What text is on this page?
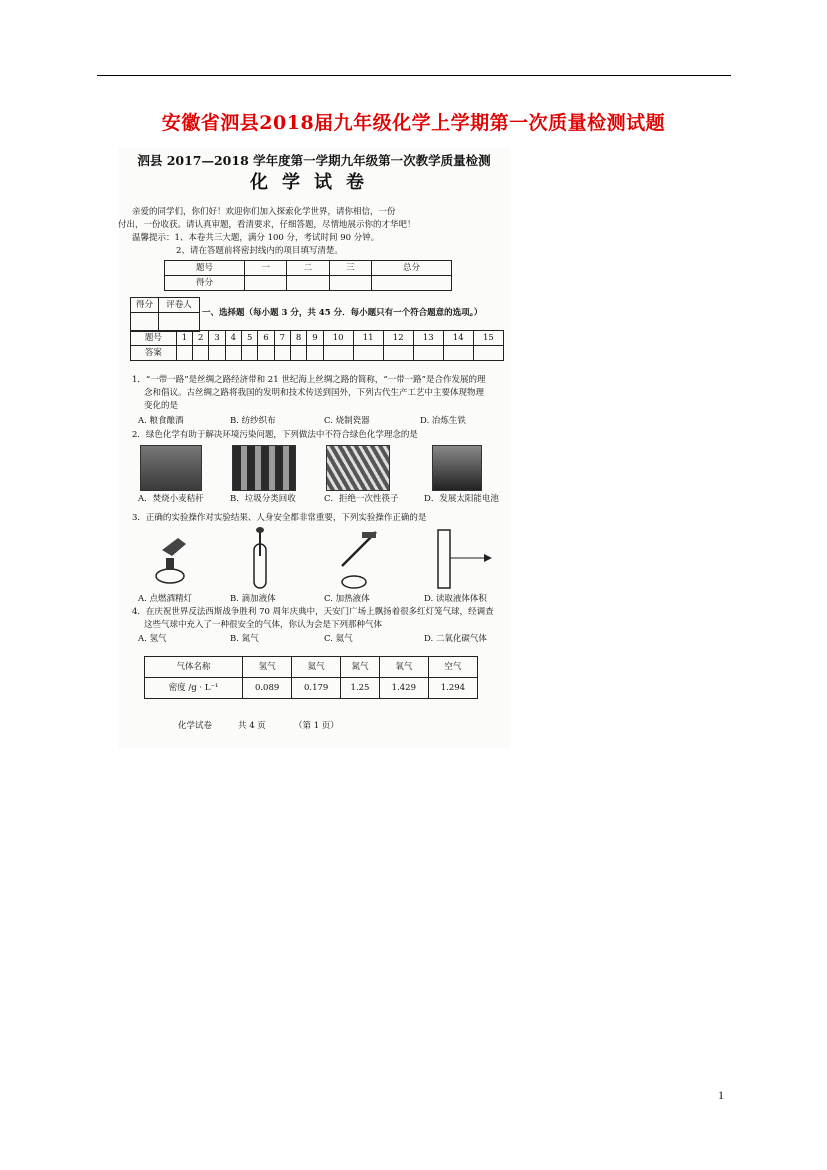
安徽省泗县2018届九年级化学上学期第一次质量检测试题
泗县 2017—2018 学年度第一学期九年级第一次教学质量检测
化学试卷
亲爱的同学们，你们好！欢迎你们加入探索化学世界，请你相信，一份
付出，一份收获。请认真审题，看清要求，仔细答题，尽情地展示你的才华吧！
温馨提示：1、本卷共三大题，满分 100 分，考试时间 90 分钟。
2、请在答题前将密封线内的项目填写清楚。
题号	一	二	三	总分
得分				
得分	评卷人

一、选择题（每小题 3 分，共 45 分．每小题只有一个符合题意的选项。）
题号	1	2	3	4	5	6	7	8	9	10	11	12	13	14	15
答案															
1．“一带一路”是丝绸之路经济带和 21 世纪海上丝绸之路的简称，“一带一路”是合作发展的理
念和倡议。古丝绸之路将我国的发明和技术传送到国外，下列古代生产工艺中主要体现物理
变化的是
A. 粮食酿酒	B. 纺纱织布	C. 烧制瓷器	D. 冶炼生铁
2．绿色化学有助于解决环境污染问题，下列做法中不符合绿色化学理念的是
A．焚烧小麦秸秆	B．垃圾分类回收	C．拒绝一次性筷子	D．发展太阳能电池
3．正确的实验操作对实验结果、人身安全都非常重要，下列实验操作正确的是
A. 点燃酒精灯	B. 滴加液体	C. 加热液体	D. 读取液体体积
4．在庆祝世界反法西斯战争胜利 70 周年庆典中，天安门广场上飘扬着很多红灯笼气球，经调查
这些气球中充入了一种很安全的气体，你认为会是下列那种气体
A. 氢气	B. 氮气	C. 氦气	D. 二氧化碳气体
气体名称	氢气	氦气	氮气	氧气	空气
密度 /g · L⁻¹	0.089	0.179	1.25	1.429	1.294
化学试卷	共 4 页	（第 1 页）
1
